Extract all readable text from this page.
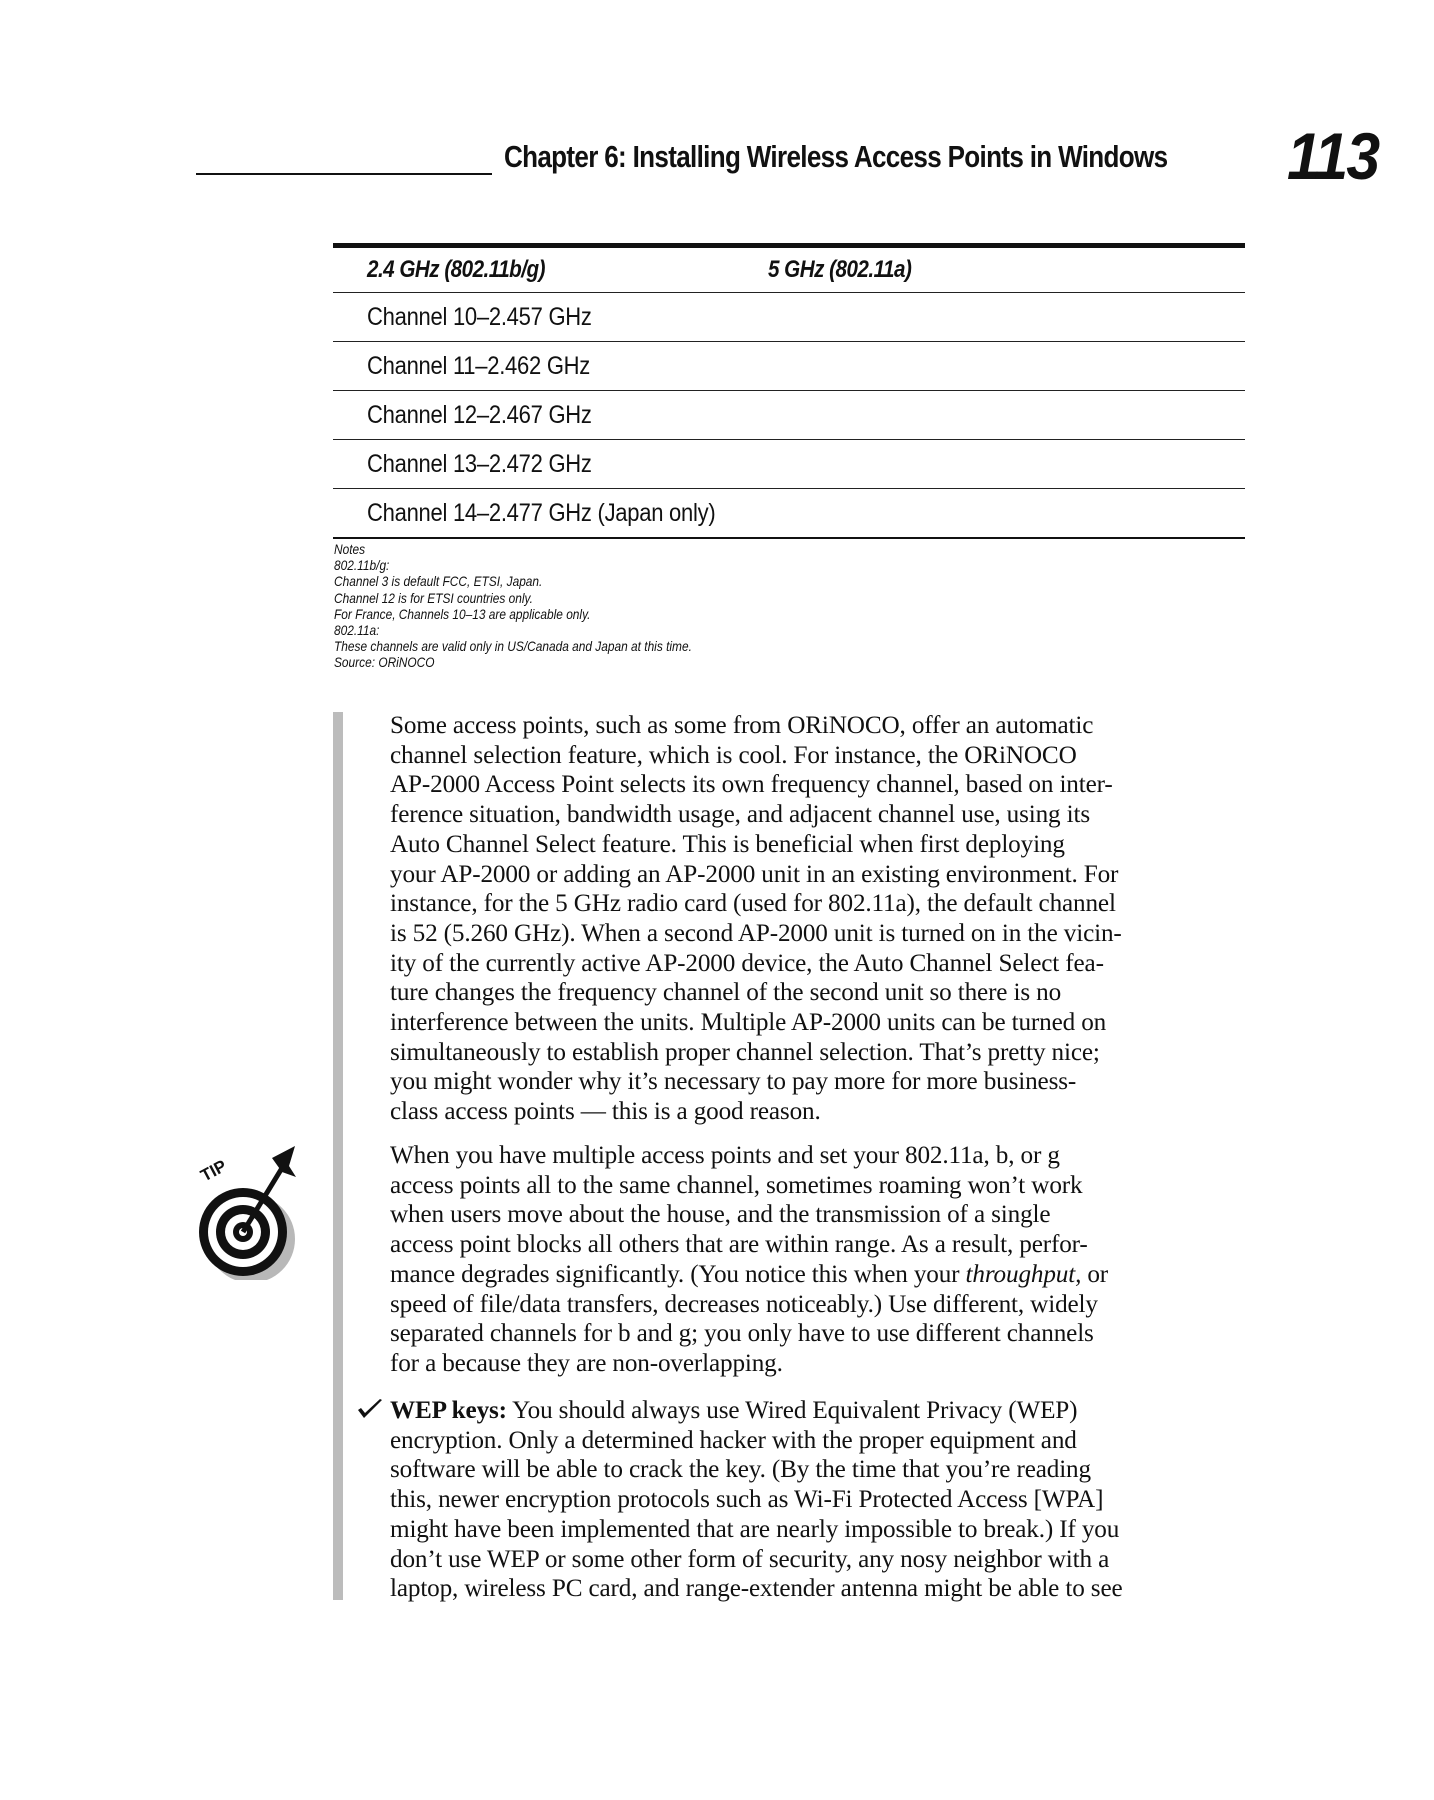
Chapter 6: Installing Wireless Access Points in Windows 113
2.4 GHz (802.11b/g)	5 GHz (802.11a)
Channel 10–2.457 GHz
Channel 11–2.462 GHz
Channel 12–2.467 GHz
Channel 13–2.472 GHz
Channel 14–2.477 GHz (Japan only)
Notes
802.11b/g:
Channel 3 is default FCC, ETSI, Japan.
Channel 12 is for ETSI countries only.
For France, Channels 10–13 are applicable only.
802.11a:
These channels are valid only in US/Canada and Japan at this time.
Source: ORiNOCO

Some access points, such as some from ORiNOCO, offer an automatic
channel selection feature, which is cool. For instance, the ORiNOCO
AP-2000 Access Point selects its own frequency channel, based on inter-
ference situation, bandwidth usage, and adjacent channel use, using its
Auto Channel Select feature. This is beneficial when first deploying
your AP-2000 or adding an AP-2000 unit in an existing environment. For
instance, for the 5 GHz radio card (used for 802.11a), the default channel
is 52 (5.260 GHz). When a second AP-2000 unit is turned on in the vicin-
ity of the currently active AP-2000 device, the Auto Channel Select fea-
ture changes the frequency channel of the second unit so there is no
interference between the units. Multiple AP-2000 units can be turned on
simultaneously to establish proper channel selection. That’s pretty nice;
you might wonder why it’s necessary to pay more for more business-
class access points — this is a good reason.

TIP

When you have multiple access points and set your 802.11a, b, or g
access points all to the same channel, sometimes roaming won’t work
when users move about the house, and the transmission of a single
access point blocks all others that are within range. As a result, perfor-
mance degrades significantly. (You notice this when your throughput, or
speed of file/data transfers, decreases noticeably.) Use different, widely
separated channels for b and g; you only have to use different channels
for a because they are non-overlapping.

WEP keys: You should always use Wired Equivalent Privacy (WEP)
encryption. Only a determined hacker with the proper equipment and
software will be able to crack the key. (By the time that you’re reading
this, newer encryption protocols such as Wi-Fi Protected Access [WPA]
might have been implemented that are nearly impossible to break.) If you
don’t use WEP or some other form of security, any nosy neighbor with a
laptop, wireless PC card, and range-extender antenna might be able to see
